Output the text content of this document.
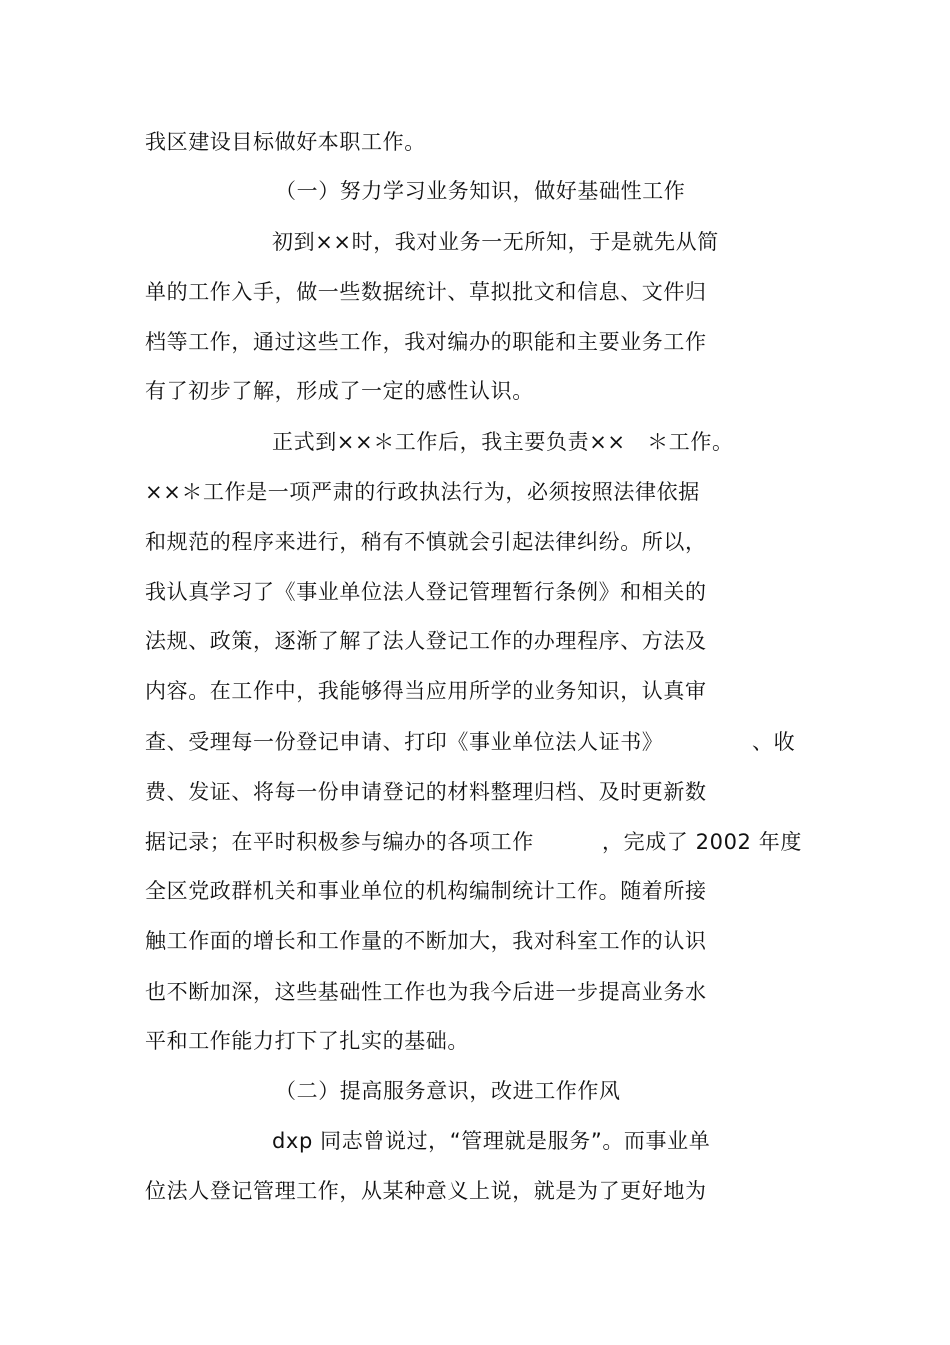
我区建设目标做好本职工作。
（一）努力学习业务知识，做好基础性工作
初到××时，我对业务一无所知，于是就先从简
单的工作入手，做一些数据统计、草拟批文和信息、文件归
档等工作，通过这些工作，我对编办的职能和主要业务工作
有了初步了解，形成了一定的感性认识。
正式到××＊工作后，我主要负责××　＊工作。
××＊工作是一项严肃的行政执法行为，必须按照法律依据
和规范的程序来进行，稍有不慎就会引起法律纠纷。所以，
我认真学习了《事业单位法人登记管理暂行条例》和相关的
法规、政策，逐渐了解了法人登记工作的办理程序、方法及
内容。在工作中，我能够得当应用所学的业务知识，认真审
查、受理每一份登记申请、打印《事业单位法人证书》	、收
费、发证、将每一份申请登记的材料整理归档、及时更新数
据记录；在平时积极参与编办的各项工作	，完成了 2002 年度
全区党政群机关和事业单位的机构编制统计工作。随着所接
触工作面的增长和工作量的不断加大，我对科室工作的认识
也不断加深，这些基础性工作也为我今后进一步提高业务水
平和工作能力打下了扎实的基础。
（二）提高服务意识，改进工作作风
dxp 同志曾说过，“管理就是服务”。而事业单
位法人登记管理工作，从某种意义上说，就是为了更好地为
